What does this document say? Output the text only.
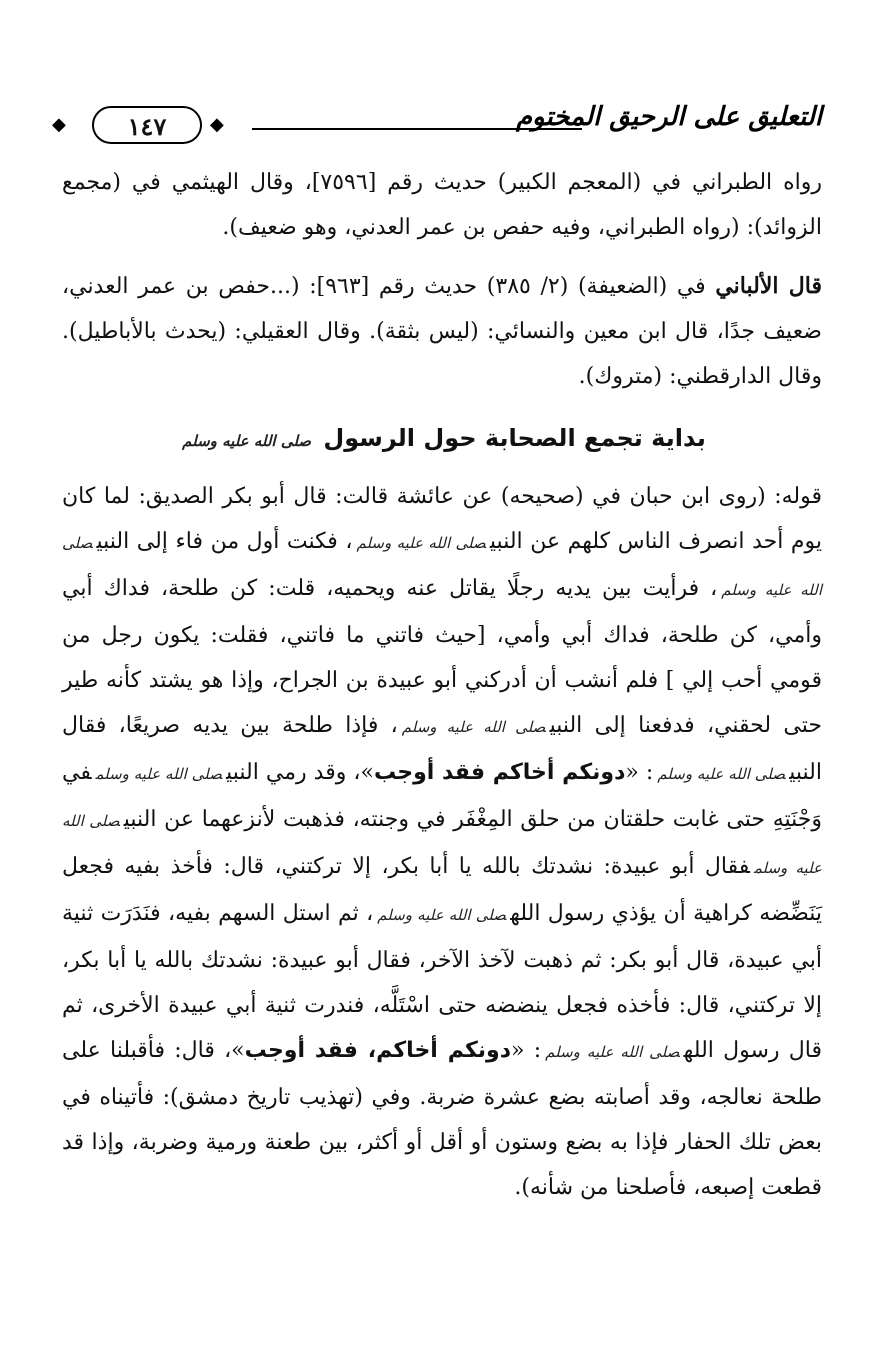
التعليق على الرحيق المختوم
◆	١٤٧	◆

رواه الطبراني في (المعجم الكبير) حديث رقم [٧٥٩٦]، وقال الهيثمي في (مجمع الزوائد): (رواه الطبراني، وفيه حفص بن عمر العدني، وهو ضعيف).

قال الألباني في (الضعيفة) (٢/ ٣٨٥) حديث رقم [٩٦٣]: (...حفص بن عمر العدني، ضعيف جدًا، قال ابن معين والنسائي: (ليس بثقة). وقال العقيلي: (يحدث بالأباطيل). وقال الدارقطني: (متروك).

بداية تجمع الصحابة حول الرسول صلى الله عليه وسلم

قوله: (روى ابن حبان في (صحيحه) عن عائشة قالت: قال أبو بكر الصديق: لما كان يوم أحد انصرف الناس كلهم عن النبيصلى الله عليه وسلم، فكنت أول من فاء إلى النبيصلى الله عليه وسلم، فرأيت بين يديه رجلًا يقاتل عنه ويحميه، قلت: كن طلحة، فداك أبي وأمي، كن طلحة، فداك أبي وأمي، [حيث فاتني ما فاتني، فقلت: يكون رجل من قومي أحب إلي ] فلم أنشب أن أدركني أبو عبيدة بن الجراح، وإذا هو يشتد كأنه طير حتى لحقني، فدفعنا إلى النبيصلى الله عليه وسلم، فإذا طلحة بين يديه صريعًا، فقال النبيصلى الله عليه وسلم: «دونكم أخاكم فقد أوجب»، وقد رمي النبيصلى الله عليه وسلمفي وَجْنَتِهِ حتى غابت حلقتان من حلق المِغْفَر في وجنته، فذهبت لأنزعهما عن النبيصلى الله عليه وسلمفقال أبو عبيدة: نشدتك بالله يا أبا بكر، إلا تركتني، قال: فأخذ بفيه فجعل يَنَضِّضه كراهية أن يؤذي رسول اللهصلى الله عليه وسلم، ثم استل السهم بفيه، فنَدَرَت ثنية أبي عبيدة، قال أبو بكر: ثم ذهبت لآخذ الآخر، فقال أبو عبيدة: نشدتك بالله يا أبا بكر، إلا تركتني، قال: فأخذه فجعل ينضضه حتى اسْتَلَّه، فندرت ثنية أبي عبيدة الأخرى، ثم قال رسول اللهصلى الله عليه وسلم: «دونكم أخاكم، فقد أوجب»، قال: فأقبلنا على طلحة نعالجه، وقد أصابته بضع عشرة ضربة. وفي (تهذيب تاريخ دمشق): فأتيناه في بعض تلك الحفار فإذا به بضع وستون أو أقل أو أكثر، بين طعنة ورمية وضربة، وإذا قد قطعت إصبعه، فأصلحنا من شأنه).
